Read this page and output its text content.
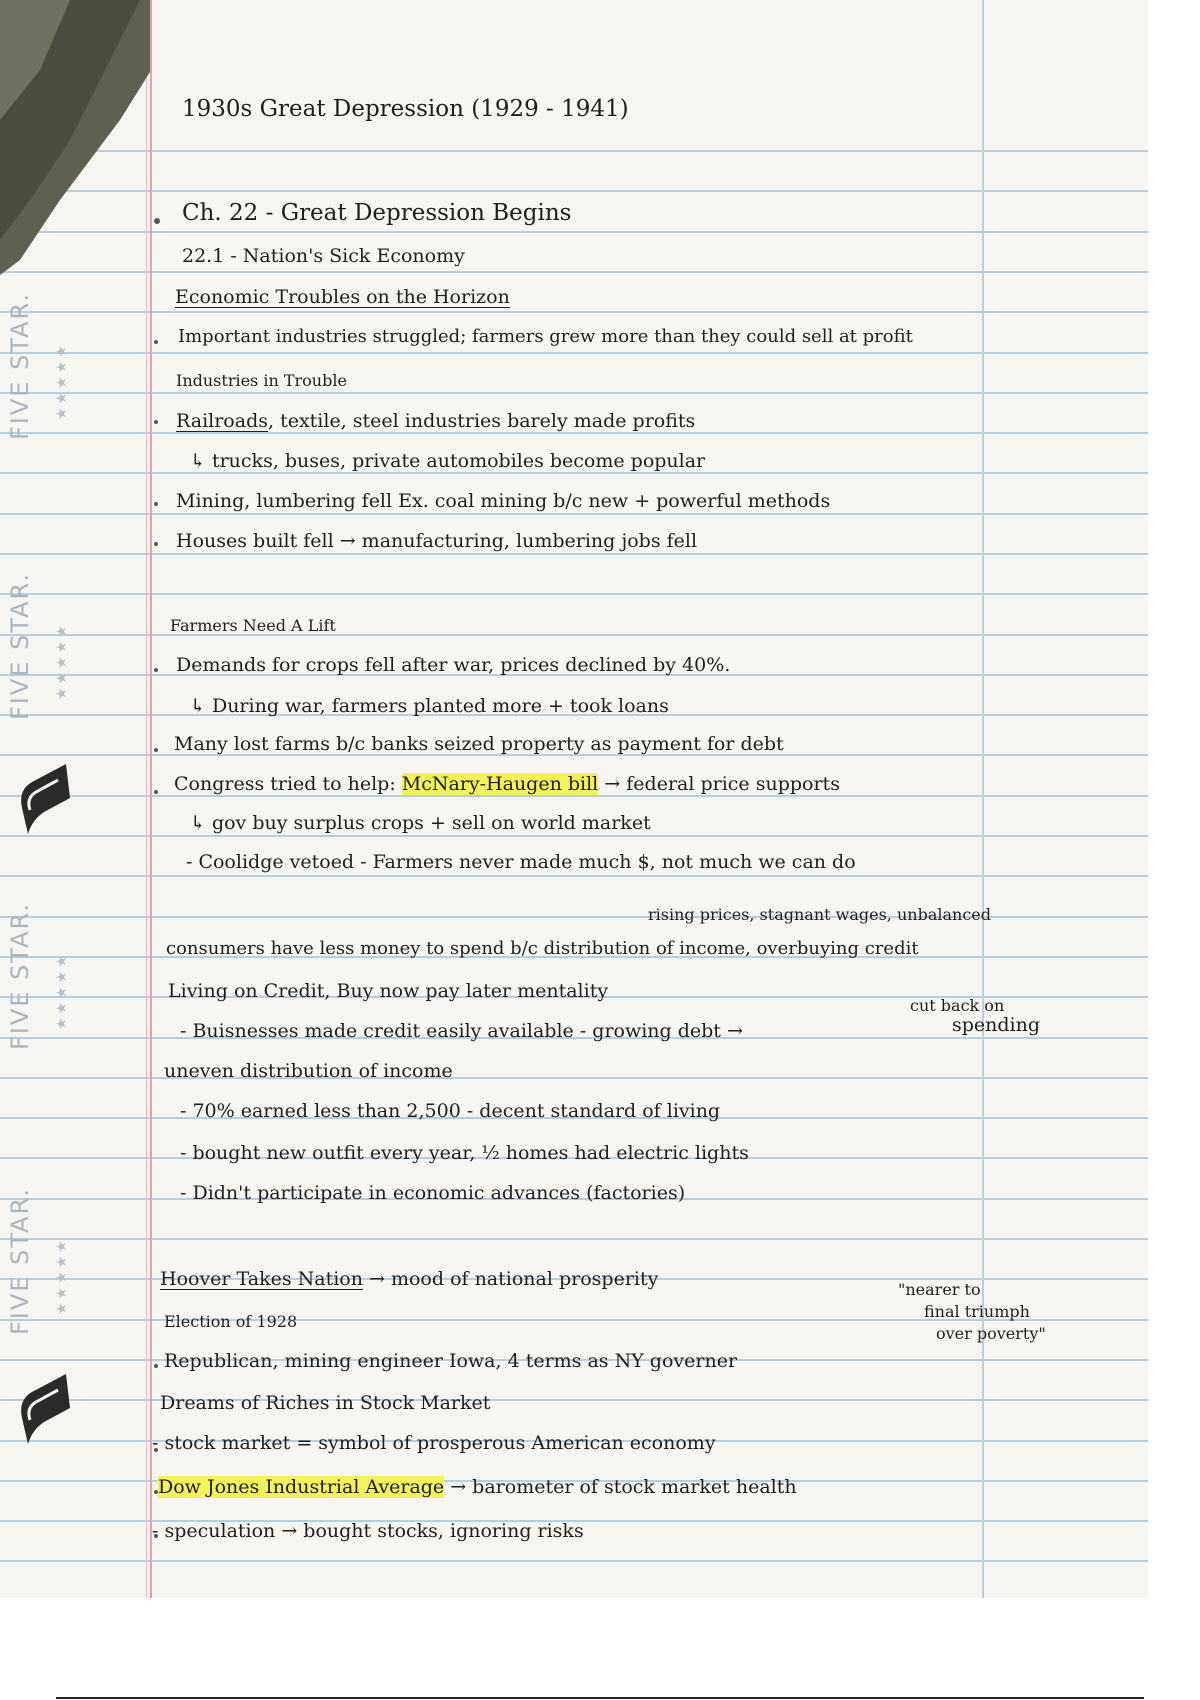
FIVE STAR. ★★★★★
FIVE STAR. ★★★★★
FIVE STAR. ★★★★★
FIVE STAR. ★★★★★
1930s Great Depression (1929 - 1941)
Ch. 22 - Great Depression Begins
22.1 - Nation's Sick Economy
Economic Troubles on the Horizon
Important industries struggled; farmers grew more than they could sell at profit
Industries in Trouble
Railroads, textile, steel industries barely made profits
↳ trucks, buses, private automobiles become popular
Mining, lumbering fell Ex. coal mining b/c new + powerful methods
Houses built fell → manufacturing, lumbering jobs fell
Farmers Need A Lift
Demands for crops fell after war, prices declined by 40%.
↳ During war, farmers planted more + took loans
Many lost farms b/c banks seized property as payment for debt
Congress tried to help: McNary-Haugen bill → federal price supports
↳ gov buy surplus crops + sell on world market
- Coolidge vetoed - Farmers never made much $, not much we can do
rising prices, stagnant wages, unbalanced
consumers have less money to spend b/c distribution of income, overbuying credit
Living on Credit, Buy now pay later mentality
- Buisnesses made credit easily available - growing debt →
cut back on
spending
uneven distribution of income
- 70% earned less than 2,500 - decent standard of living
- bought new outfit every year, ½ homes had electric lights
- Didn't participate in economic advances (factories)
Hoover Takes Nation → mood of national prosperity	"nearer to
final triumph
over poverty"
Election of 1928
Republican, mining engineer Iowa, 4 terms as NY governer
Dreams of Riches in Stock Market
- stock market = symbol of prosperous American economy
Dow Jones Industrial Average → barometer of stock market health
- speculation → bought stocks, ignoring risks
